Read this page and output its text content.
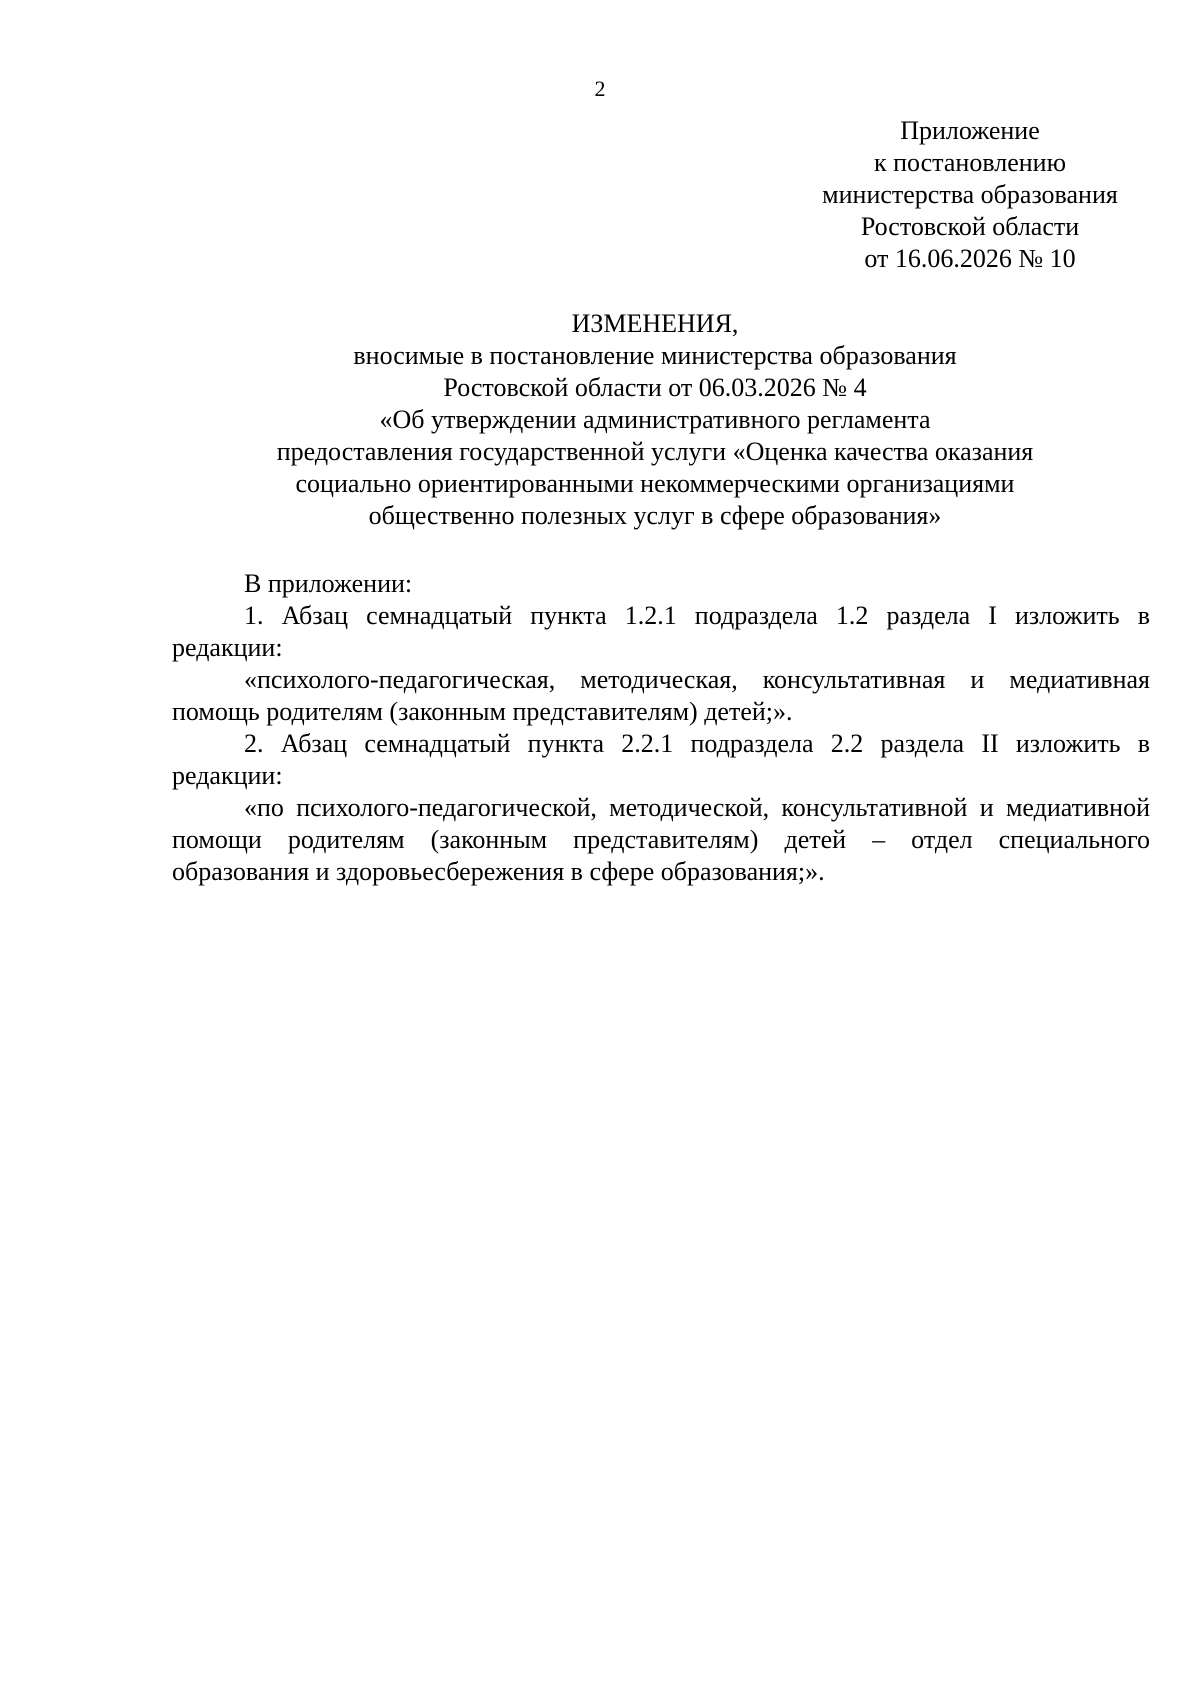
2
Приложение
к постановлению
министерства образования
Ростовской области
от 16.06.2026 № 10
ИЗМЕНЕНИЯ,
вносимые в постановление министерства образования
Ростовской области от 06.03.2026 № 4
«Об утверждении административного регламента
предоставления государственной услуги «Оценка качества оказания
социально ориентированными некоммерческими организациями
общественно полезных услуг в сфере образования»

В приложении:

1. Абзац семнадцатый пункта 1.2.1 подраздела 1.2 раздела I изложить в редакции:

«психолого-педагогическая, методическая, консультативная и медиативная помощь родителям (законным представителям) детей;».

2. Абзац семнадцатый пункта 2.2.1 подраздела 2.2 раздела II изложить в редакции:

«по психолого-педагогической, методической, консультативной и медиативной помощи родителям (законным представителям) детей – отдел специального образования и здоровьесбережения в сфере образования;».
